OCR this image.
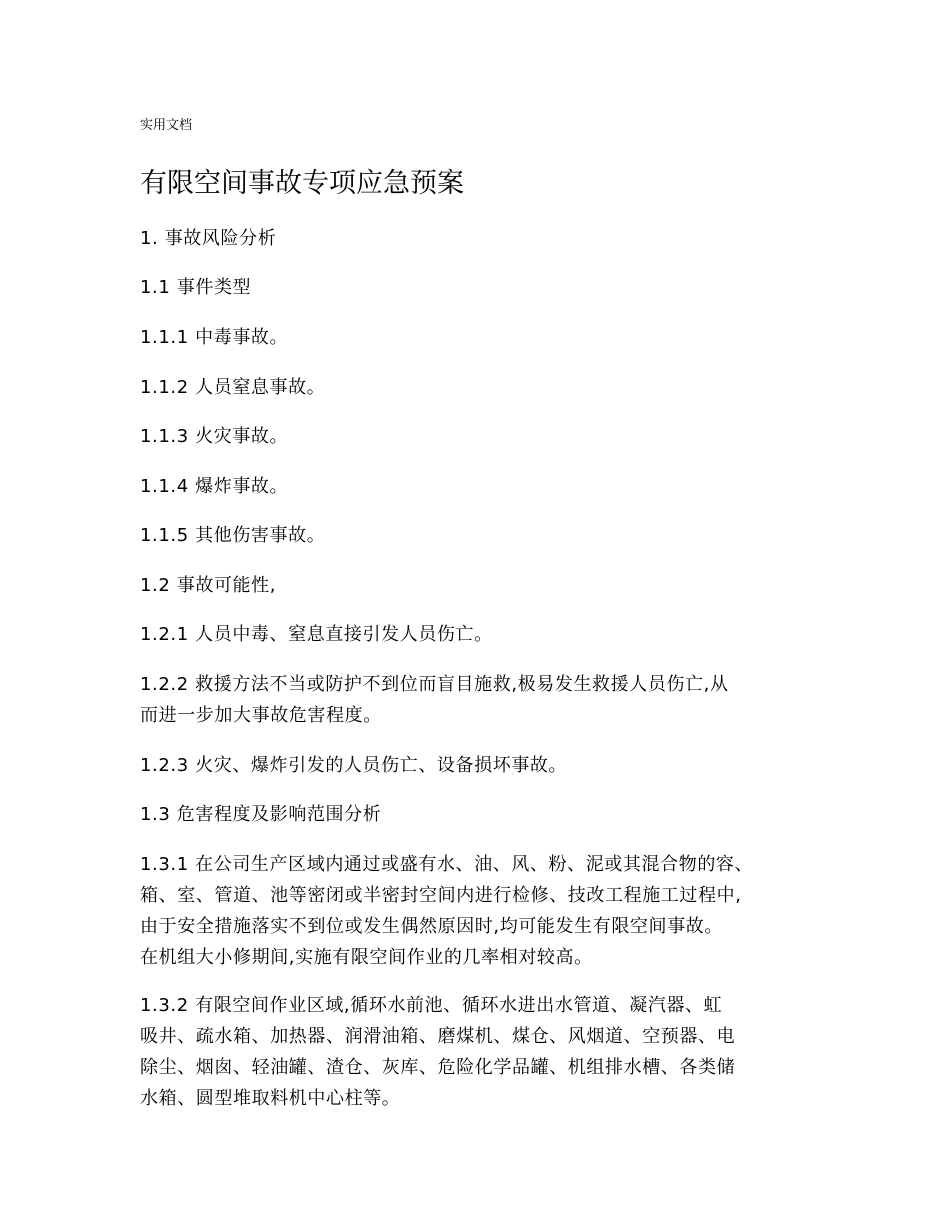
实用文档
有限空间事故专项应急预案
1. 事故风险分析
1.1 事件类型
1.1.1 中毒事故。
1.1.2 人员窒息事故。
1.1.3 火灾事故。
1.1.4 爆炸事故。
1.1.5 其他伤害事故。
1.2 事故可能性,
1.2.1 人员中毒、窒息直接引发人员伤亡。
1.2.2 救援方法不当或防护不到位而盲目施救,极易发生救援人员伤亡,从
而进一步加大事故危害程度。
1.2.3 火灾、爆炸引发的人员伤亡、设备损坏事故。
1.3 危害程度及影响范围分析
1.3.1 在公司生产区域内通过或盛有水、油、风、粉、泥或其混合物的容、
箱、室、管道、池等密闭或半密封空间内进行检修、技改工程施工过程中,
由于安全措施落实不到位或发生偶然原因时,均可能发生有限空间事故。
在机组大小修期间,实施有限空间作业的几率相对较高。
1.3.2 有限空间作业区域,循环水前池、循环水进出水管道、凝汽器、虹
吸井、疏水箱、加热器、润滑油箱、磨煤机、煤仓、风烟道、空预器、电
除尘、烟囱、轻油罐、渣仓、灰库、危险化学品罐、机组排水槽、各类储
水箱、圆型堆取料机中心柱等。
